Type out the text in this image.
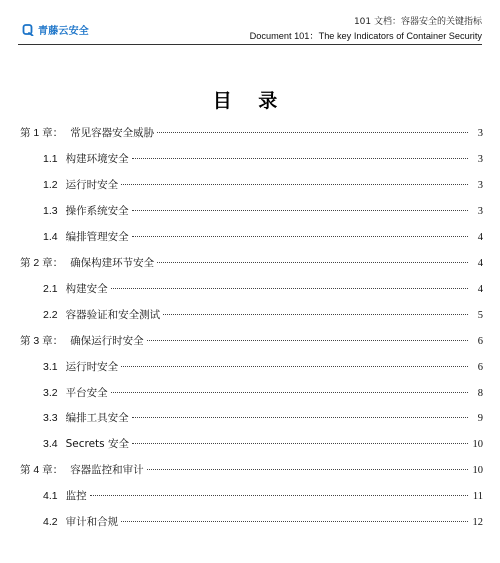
青藤云安全
101 文档：容器安全的关键指标
Document 101：The key Indicators of Container Security
目 录
第 1 章： 常见容器安全威胁	3
1.1 构建环境安全	3
1.2 运行时安全	3
1.3 操作系统安全	3
1.4 编排管理安全	4
第 2 章： 确保构建环节安全	4
2.1 构建安全	4
2.2 容器验证和安全测试	5
第 3 章： 确保运行时安全	6
3.1 运行时安全	6
3.2 平台安全	8
3.3 编排工具安全	9
3.4 Secrets 安全	10
第 4 章： 容器监控和审计	10
4.1 监控	11
4.2 审计和合规	12
